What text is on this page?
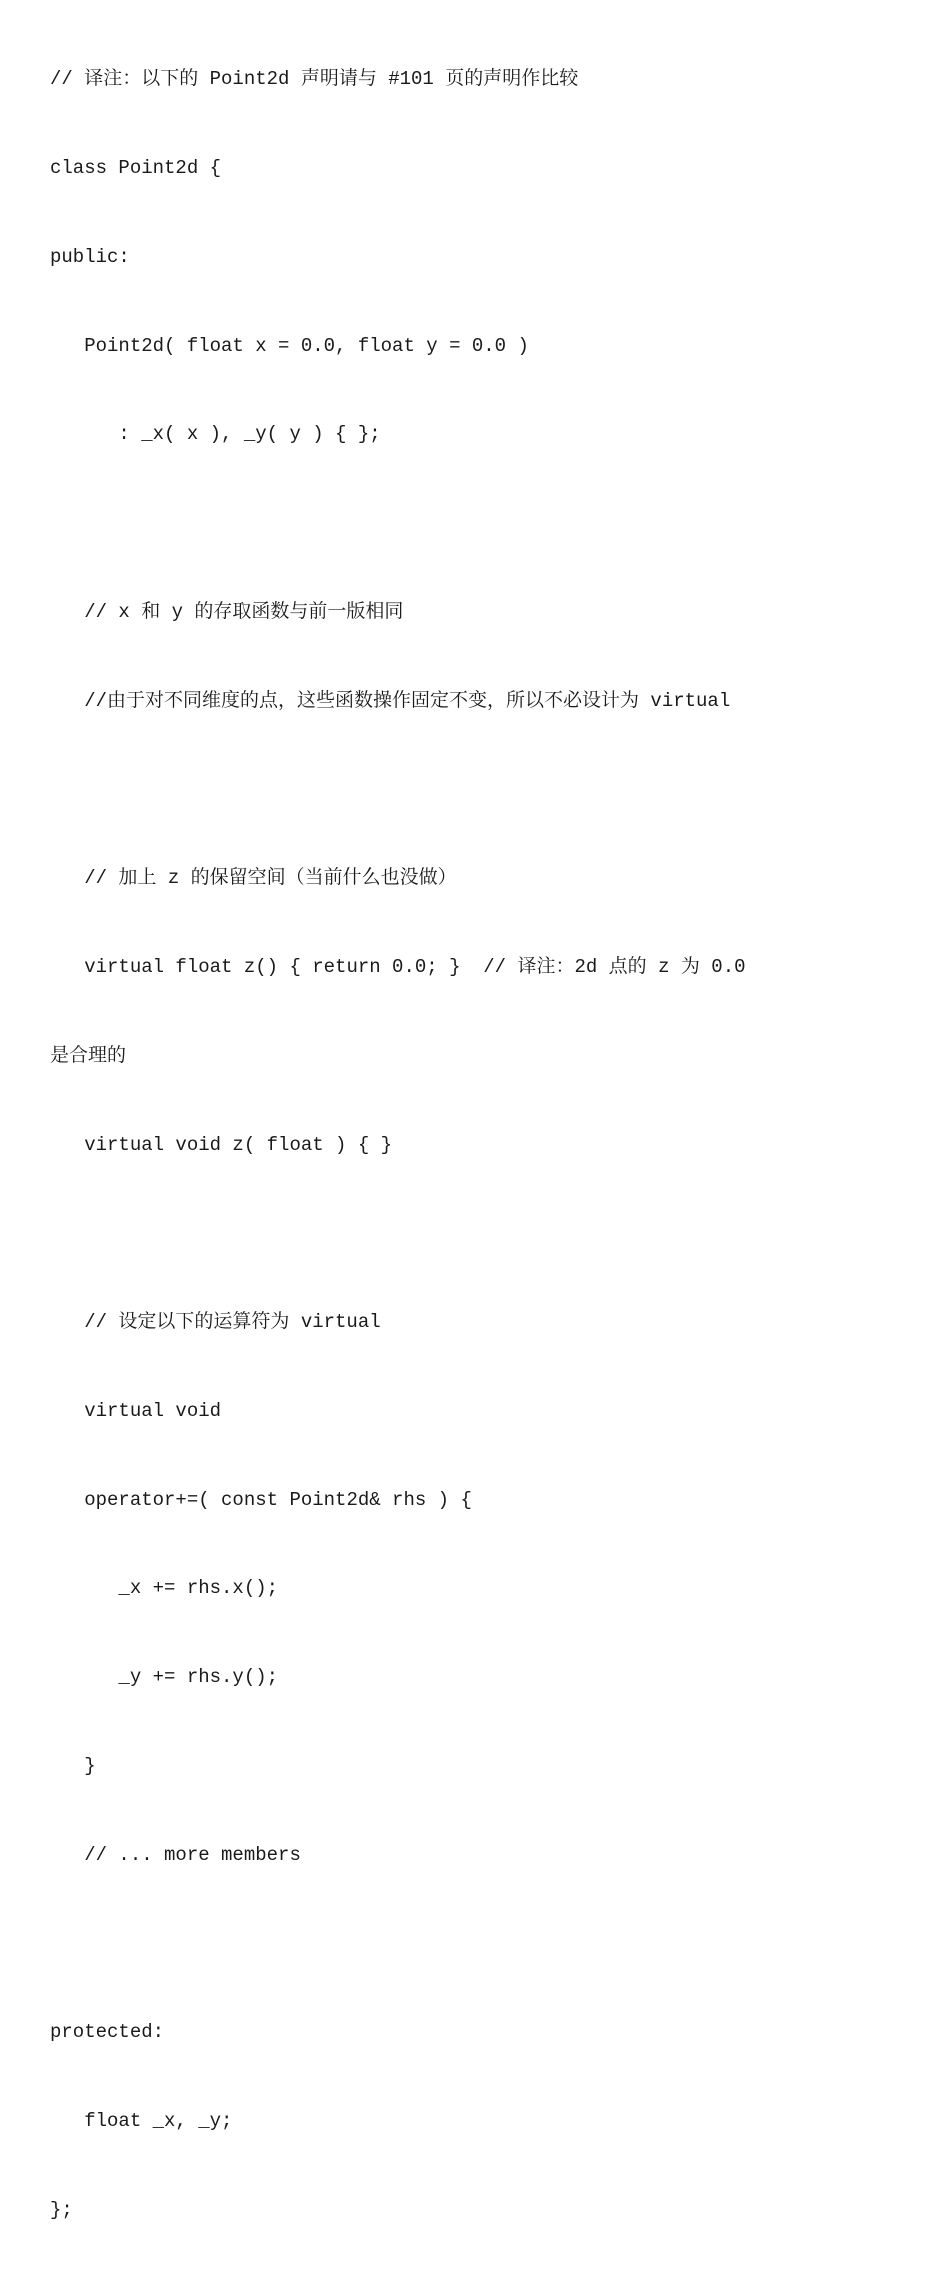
// 译注：以下的 Point2d 声明请与 #101 页的声明作比较

class Point2d {

public:

Point2d( float x = 0.0, float y = 0.0 )

: _x( x ), _y( y ) { };

// x 和 y 的存取函数与前一版相同

//由于对不同维度的点，这些函数操作固定不变，所以不必设计为 virtual

// 加上 z 的保留空间（当前什么也没做）

virtual float z() { return 0.0; }  // 译注：2d 点的 z 为 0.0

是合理的

virtual void z( float ) { }

// 设定以下的运算符为 virtual

virtual void

operator+=( const Point2d& rhs ) {

_x += rhs.x();

_y += rhs.y();

}

// ... more members

protected:

float _x, _y;

};
